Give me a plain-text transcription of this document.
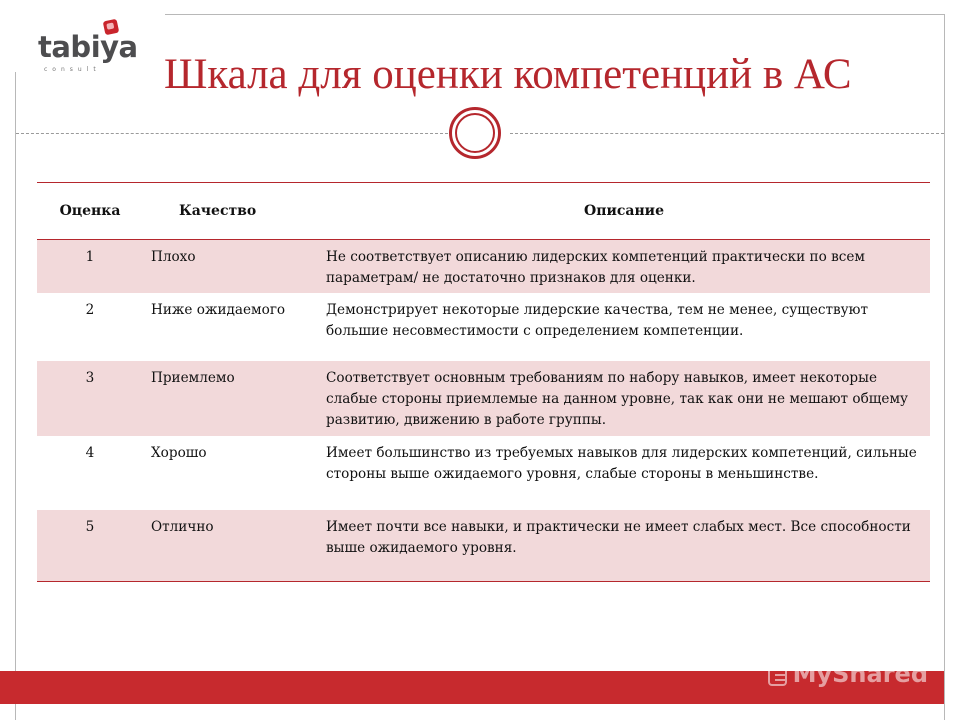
tabiya
consult Шкала для оценки компетенций в АС
Оценка	Качество	Описание
1	Плохо	Не соответствует описанию лидерских компетенций практически по всем параметрам/ не достаточно признаков для оценки.
2	Ниже ожидаемого	Демонстрирует некоторые лидерские качества, тем не менее, существуют большие несовместимости с определением компетенции.
3	Приемлемо	Соответствует основным требованиям по набору навыков, имеет некоторые слабые стороны приемлемые на данном уровне, так как они не мешают общему развитию, движению в работе группы.
4	Хорошо	Имеет большинство из требуемых навыков для лидерских компетенций, сильные стороны выше ожидаемого уровня, слабые стороны в меньшинстве.
5	Отлично	Имеет почти все навыки, и практически не имеет слабых мест. Все способности выше ожидаемого уровня.
MyShared
